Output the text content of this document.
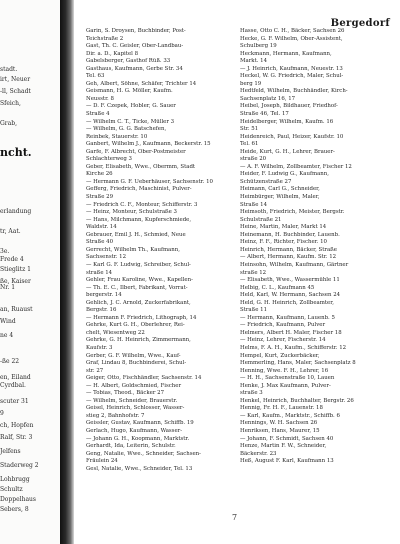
stadt.
irt, Neuer
-ll, Schadt
Sfeich,
Grab,
erlandung
tr, Aat.
3e.
Frede 4
Stieglitz 1
ße, Kaiser
Nr. 1
an, Ruaust
Wind
ne 4
-ße 22
en, Eiland
Cyrdbal.
scuter 31
9
ch, Hopfen
Ralf, Str. 3
Jelfens
Staderweg 2
Lohbrugg
Schultz
Doppelhaus
Sebers, 8
ncht.
Bergedorf
Garin, S. Droysen, Buchbinder, Post-
Teichstraße 2
Gast, Th. C. Geisler, Ober-Landbau-
Dir. a. D., Kapitel 8
Gabelsberger, Gasthof Rüß. 33
Gasthaus, Kaufmann, Gerbe Str. 34
Tel. 63
Geh, Albert, Söhne, Schäfer, Trichter 14
Geismann, H. G. Möller, Kaufm.
Neusstr. 8
— D. F. Czepek, Hobler, G. Sauer
Straße 4
— Wilhelm C. T., Ticke, Müller 3
— Wilhelm, G. G. Batschefen,
Reinbek, Stauerstr. 10
Ganbert, Wilhelm J., Kaufmann, Beckerstr. 15
Garfe, F. Albrecht, Ober-Postmeister
Schlachterweg 3
Geber, Elisabeth, Wwe., Obermm, Stadt
Kirche 26
— Hermann G. F. Ueberhäuser, Sachsenstr. 10
Gefferg, Friedrich, Maschinist, Pulver-
Straße 29
— Friedrich C. F., Monteur, Schifferstr. 3
— Heinz, Monteur, Schulstraße 3
— Hans, Milchmann, Kupferschmiede,
Waldstr. 14
Gebrauer, Emil J. H., Schmied, Neue
Straße 40
Gerrecht, Wilhelm Th., Kaufmann,
Sachsenstr. 12
— Karl G. F. Ludwig, Schreiber, Schul-
straße 14
Gehler, Frau Karoline, Wwe., Kapellen-
— Th. E. C., Ilbert, Fabrikant, Vorrat-
bergerstr. 14
Gehlich, J. C. Arnold, Zuckerfabrikant,
Bergstr. 16
— Hermann F. Friedrich, Lithograph, 14
Gehrke, Kurt G. H., Oberlehrer, Rei-
chelt, Wiesentweg 22
Gehrke, G. H. Heinrich, Zimmermann,
Kaufstr. 3
Gerber, G. F. Wilhelm, Wwe., Kauf-
Graf, Lindau 8, Buchbinderei, Schul-
str. 27
Geiger, Otto, Fischhändler, Sachsenstr. 14
— H. Albert, Goldschmied, Fischer
— Tobias, Theod., Bäcker 27
— Wilhelm, Schneider, Brauerstr.
Geisel, Heinrich, Schlosser, Wasser-
stieg 2, Bahnhofstr. 7
Geissler, Gustav, Kaufmann, Schiffb. 19
Gerlach, Hugo, Kaufmann, Wasser-
— Johann G. H., Koopmann, Marktstr.
Gerhardt, Ida, Leiterin, Schulstr.
Geng, Natalie, Wwe., Schneider, Sachsen-
Fräulein 24
Gesl, Natalie, Wwe., Schneider, Tel. 13
Hasse, Otto C. H., Bäcker, Sachsen 26
Hecke, G. F. Wilhelm, Ober-Assistent,
Schulberg 19
Heckmann, Hermann, Kaufmann,
Markt. 14
— J. Heinrich, Kaufmann, Neuestr. 13
Heckel, W. G. Friedrich, Maler, Schul-
berg 19
Hedtfeld, Wilhelm, Buchhändler, Kirch-
Sachsenplatz 16, 17
Heibel, Joseph, Bildhauer, Friedhof-
Straße 46, Tel. 17
Heidelberger, Wilhelm, Kaufm. 16
Str. 51
Heidenreich, Paul, Heizer, Kaufstr. 10
Tel. 61
Heide, Kurt, G. H., Lehrer, Brauer-
straße 20
— A. F. Wilhelm, Zollbeamter, Fischer 12
Heider, F. Ludwig G., Kaufmann,
Schützenstraße 27
Heimann, Carl G., Schneider,
Heimbürger, Wilhelm, Maler,
Straße 14
Heimsoth, Friedrich, Meister, Bergstr.
Schulstraße 21
Heine, Martin, Maler, Markt 14
Heinemann, H. Buchbinder, Lauenb.
Heinz, F. F., Richter, Fischer. 10
Heinrich, Hermann, Bäcker, Straße
— Albert, Hermann, Kaufm. Str. 12
Heinsohn, Wilhelm, Kaufmann, Gärtner
straße 12
— Elisabeth, Wwe., Wassermühle 11
Helbig, C. L., Kaufmann 45
Held, Karl, W. Hermann, Sachsen 24
Held, G. H. Heinrich, Zollbeamter,
Straße 11
— Hermann, Kaufmann, Lauenb. 5
— Friedrich, Kaufmann, Pulver
Helmers, Albert H. Maler, Fischer 18
— Heinz, Lehrer, Fischerstr. 14
Helms, F. A. H., Kaufm., Schifferstr. 12
Hempel, Kurt, Zuckerbäcker,
Hemmerling, Hans, Maler, Sachsenplatz 8
Henning, Wwe. F. H., Lehrer, 16
— H. H., Sachsenstraße 10, Lauen
Henke, J. Max Kaufmann, Pulver-
straße 3
Henkel, Heinrich, Buchhalter, Bergstr. 26
Hennig, Fr. H. F., Lauenstr. 18
— Karl, Kaufm., Marktstr., Schiffb. 6
Hennings, W. H. Sachsen 26
Henriksen, Hans, Maurer, 15
— Johann, F. Schmidt, Sachsen 40
Henze, Martin F. W., Schneider,
Bäckerstr. 23
Heß, August F. Karl, Kaufmann 13
7
